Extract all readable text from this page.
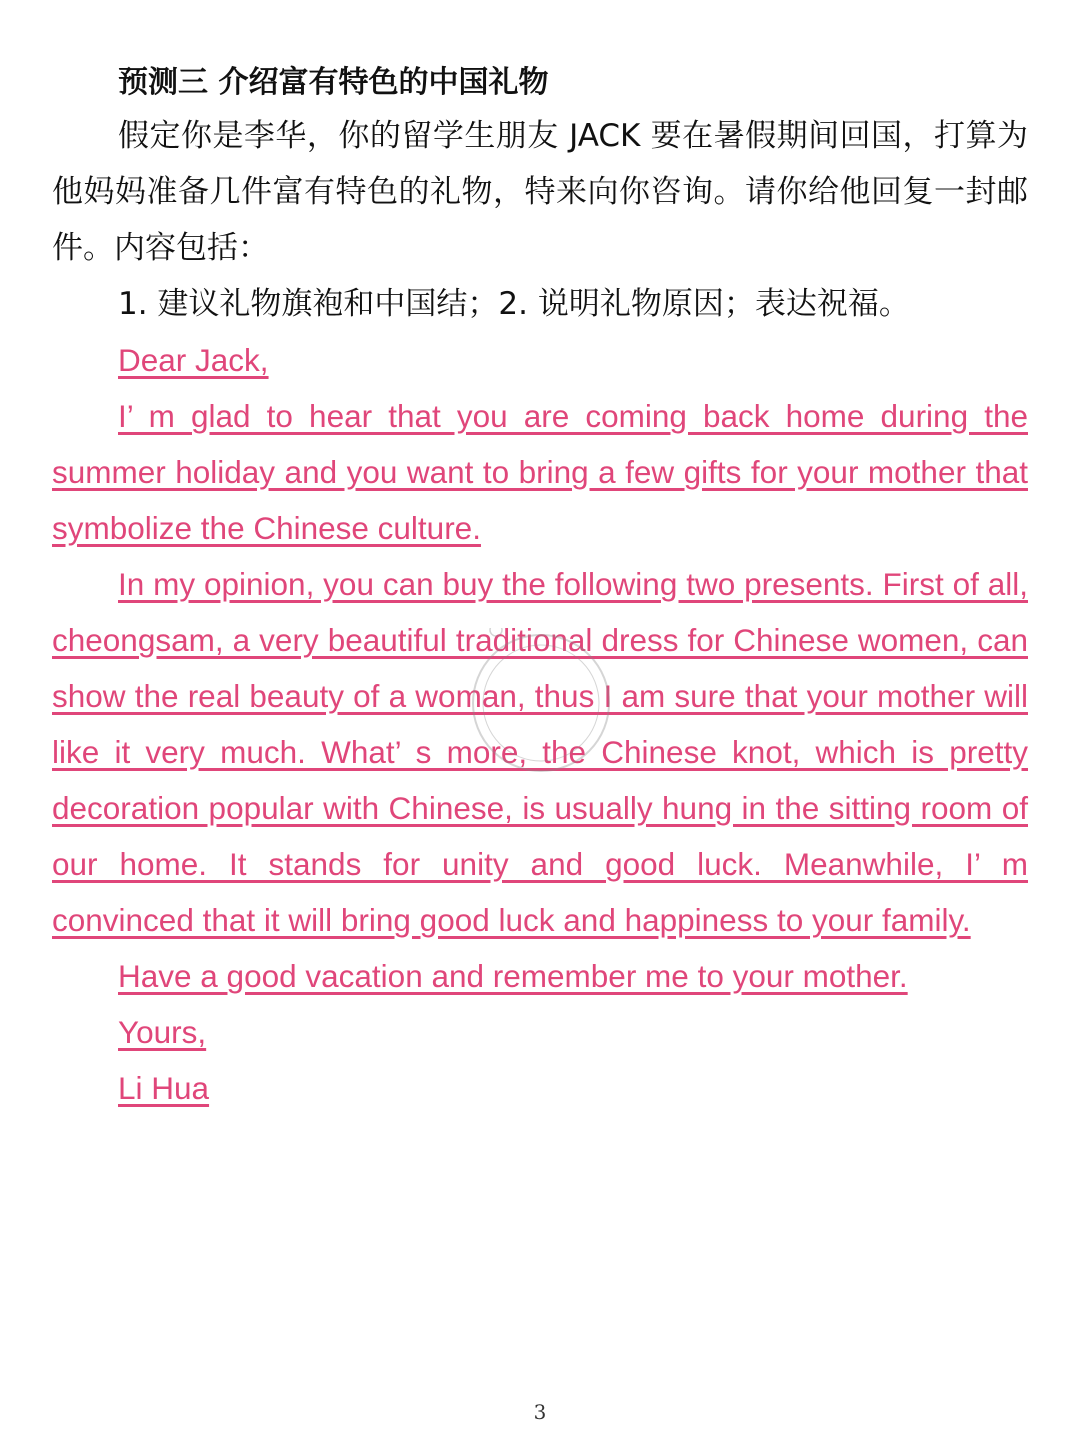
预测三 介绍富有特色的中国礼物

假定你是李华，你的留学生朋友 JACK 要在暑假期间回国，打算为他妈妈准备几件富有特色的礼物，特来向你咨询。请你给他回复一封邮件。内容包括：

1. 建议礼物旗袍和中国结；2. 说明礼物原因；表达祝福。

Dear Jack,

I’ m glad to hear that you are coming back home during the summer holiday and you want to bring a few gifts for your mother that symbolize the Chinese culture.

In my opinion, you can buy the following two presents. First of all, cheongsam, a very beautiful traditional dress for Chinese women, can show the real beauty of a woman, thus I am sure that your mother will like it very much. What’ s more, the Chinese knot, which is pretty decoration popular with Chinese, is usually hung in the sitting room of our home. It stands for unity and good luck. Meanwhile, I’ m convinced that it will bring good luck and happiness to your family.

Have a good vacation and remember me to your mother.

Yours,

Li Hua

3
